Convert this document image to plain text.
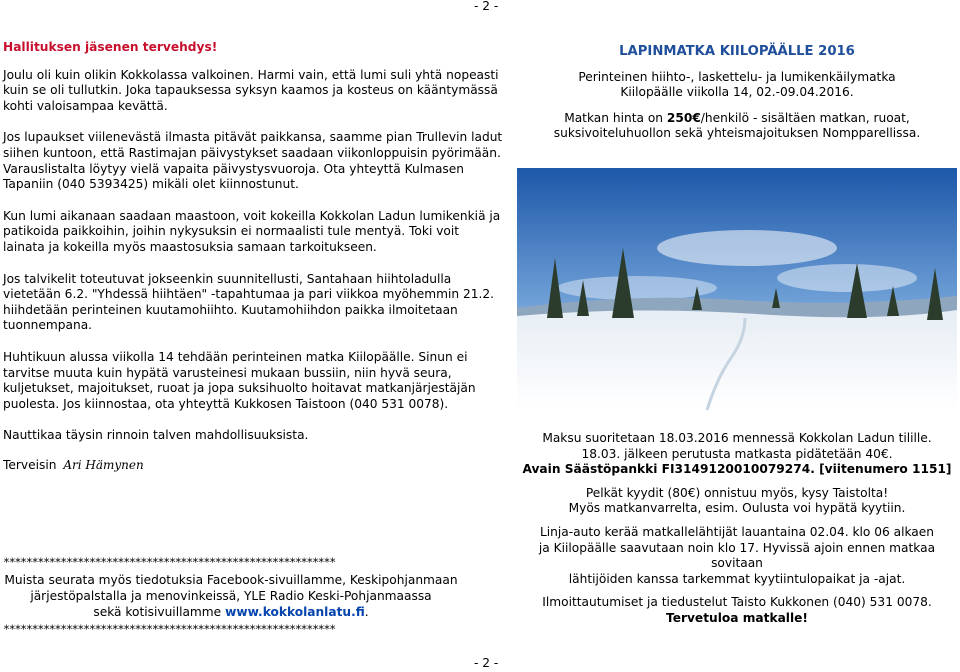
- 2 -
Hallituksen jäsenen tervehdys!

Joulu oli kuin olikin Kokkolassa valkoinen. Harmi vain, että lumi suli yhtä nopeasti kuin se oli tullutkin. Joka tapauksessa syksyn kaamos ja kosteus on kääntymässä kohti valoisampaa kevättä.

Jos lupaukset viilenevästä ilmasta pitävät paikkansa, saamme pian Trullevin ladut siihen kuntoon, että Rastimajan päivystykset saadaan viikonloppuisin pyörimään. Varauslistalta löytyy vielä vapaita päivystysvuoroja. Ota yhteyttä Kulmasen Tapaniin (040 5393425) mikäli olet kiinnostunut.

Kun lumi aikanaan saadaan maastoon, voit kokeilla Kokkolan Ladun lumikenkiä ja patikoida paikkoihin, joihin nykysuksin ei normaalisti tule mentyä. Toki voit lainata ja kokeilla myös maastosuksia samaan tarkoitukseen.

Jos talvikelit toteutuvat jokseenkin suunnitellusti, Santahaan hiihtoladulla vietetään 6.2. "Yhdessä hiihtäen" -tapahtumaa ja pari viikkoa myöhemmin 21.2. hiihdetään perinteinen kuutamohiihto. Kuutamohiihdon paikka ilmoitetaan tuonnempana.

Huhtikuun alussa viikolla 14 tehdään perinteinen matka Kiilopäälle. Sinun ei tarvitse muuta kuin hypätä varusteinesi mukaan bussiin, niin hyvä seura, kuljetukset, majoitukset, ruoat ja jopa suksihuolto hoitavat matkanjärjestäjän puolesta. Jos kiinnostaa, ota yhteyttä Kukkosen Taistoon (040 531 0078).

Nauttikaa täysin rinnoin talven mahdollisuuksista.

Terveisin Ari Hämynen

**********************************************************
Muista seurata myös tiedotuksia Facebook-sivuillamme, Keskipohjanmaan
järjestöpalstalla ja menovinkeissä, YLE Radio Keski-Pohjanmaassa
sekä kotisivuillamme www.kokkolanlatu.fi.
**********************************************************

LAPINMATKA KIILOPÄÄLLE 2016

Perinteinen hiihto-, laskettelu- ja lumikenkäilymatka
Kiilopäälle viikolla 14, 02.-09.04.2016.

Matkan hinta on 250€/henkilö - sisältäen matkan, ruoat,
suksivoiteluhuollon sekä yhteismajoituksen Nompparellissa.

Maksu suoritetaan 18.03.2016 mennessä Kokkolan Ladun tilille.
18.03. jälkeen perutusta matkasta pidätetään 40€.
Avain Säästöpankki FI3149120010079274. [viitenumero 1151]

Pelkät kyydit (80€) onnistuu myös, kysy Taistolta!
Myös matkanvarrelta, esim. Oulusta voi hypätä kyytiin.

Linja-auto kerää matkallelähtijät lauantaina 02.04. klo 06 alkaen
ja Kiilopäälle saavutaan noin klo 17. Hyvissä ajoin ennen matkaa sovitaan
lähtijöiden kanssa tarkemmat kyytiintulopaikat ja -ajat.

Ilmoittautumiset ja tiedustelut Taisto Kukkonen (040) 531 0078.
Tervetuloa matkalle!

- 2 -
